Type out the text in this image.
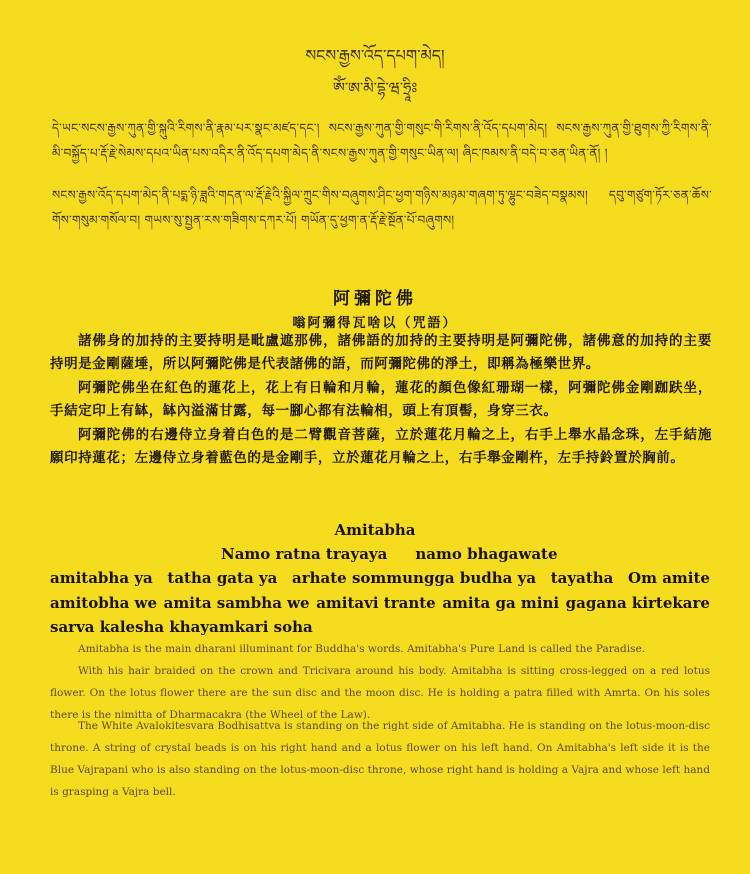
སངས་རྒྱས་འོད་དཔག་མེད།
ཨོཾ་ཨ་མི་དྷེ་ཝ་ཧྲཱིཿ
དེ་ཡང་སངས་རྒྱས་ཀུན་གྱི་སྐུའི་རིགས་ནི་རྣམ་པར་སྣང་མཛད་དང་། སངས་རྒྱས་ཀུན་གྱི་གསུང་གི་རིགས་ནི་འོད་དཔག་མེད། སངས་རྒྱས་ཀུན་གྱི་ཐུགས་ཀྱི་རིགས་ནི་མི་བསྐྱོད་པ་རྡོ་རྗེ་སེམས་དཔའ་ཡིན་པས་འདིར་ནི་འོད་དཔག་མེད་ནི་སངས་རྒྱས་ཀུན་གྱི་གསུང་ཡིན་ལ། ཞིང་ཁམས་ནི་བདེ་བ་ཅན་ཡིན་ནོ། །
སངས་རྒྱས་འོད་དཔག་མེད་ནི་པདྨ་ཉི་ཟླའི་གདན་ལ་རྡོ་རྗེའི་སྐྱིལ་ཀྲུང་གིས་བཞུགས་ཤིང་ཕྱག་གཉིས་མཉམ་གཞག་ཏུ་ལྷུང་བཟེད་བསྣམས། དབུ་གཙུག་ཏོར་ཅན་ཆོས་གོས་གསུམ་གསོལ་བ། གཡས་སུ་སྤྱན་རས་གཟིགས་དཀར་པོ། གཡོན་དུ་ཕྱག་ན་རྡོ་རྗེ་སྔོན་པོ་བཞུགས།
阿彌陀佛
嗡阿彌得瓦啥以（咒語）
諸佛身的加持的主要持明是毗盧遮那佛，諸佛語的加持的主要持明是阿彌陀佛，諸佛意的加持的主要持明是金剛薩埵，所以阿彌陀佛是代表諸佛的語，而阿彌陀佛的淨土，即稱為極樂世界。
阿彌陀佛坐在紅色的蓮花上，花上有日輪和月輪，蓮花的顏色像紅珊瑚一樣，阿彌陀佛金剛跏趺坐，手結定印上有缽，缽內溢滿甘露，每一腳心都有法輪相，頭上有頂髻，身穿三衣。
阿彌陀佛的右邊侍立身着白色的是二臂觀音菩薩，立於蓮花月輪之上，右手上舉水晶念珠，左手結施願印持蓮花；左邊侍立身着藍色的是金剛手，立於蓮花月輪之上，右手舉金剛杵，左手持鈴置於胸前。
Amitabha
Namo ratna trayaya namo bhagawate
amitabha ya tatha gata ya arhate sommungga budha ya tayatha Om amite
amitobha we amita sambha we amitavi trante amita ga mini gagana kirtekare
sarva kalesha khayamkari soha
Amitabha is the main dharani illuminant for Buddha's words. Amitabha's Pure Land is called the Paradise.
With his hair braided on the crown and Tricivara around his body. Amitabha is sitting cross-legged on a red lotus flower. On the lotus flower there are the sun disc and the moon disc. He is holding a patra filled with Amrta. On his soles there is the nimitta of Dharmacakra (the Wheel of the Law).
The White Avalokitesvara Bodhisattva is standing on the right side of Amitabha. He is standing on the lotus-moon-disc throne. A string of crystal beads is on his right hand and a lotus flower on his left hand. On Amitabha's left side it is the Blue Vajrapani who is also standing on the lotus-moon-disc throne, whose right hand is holding a Vajra and whose left hand is grasping a Vajra bell.
